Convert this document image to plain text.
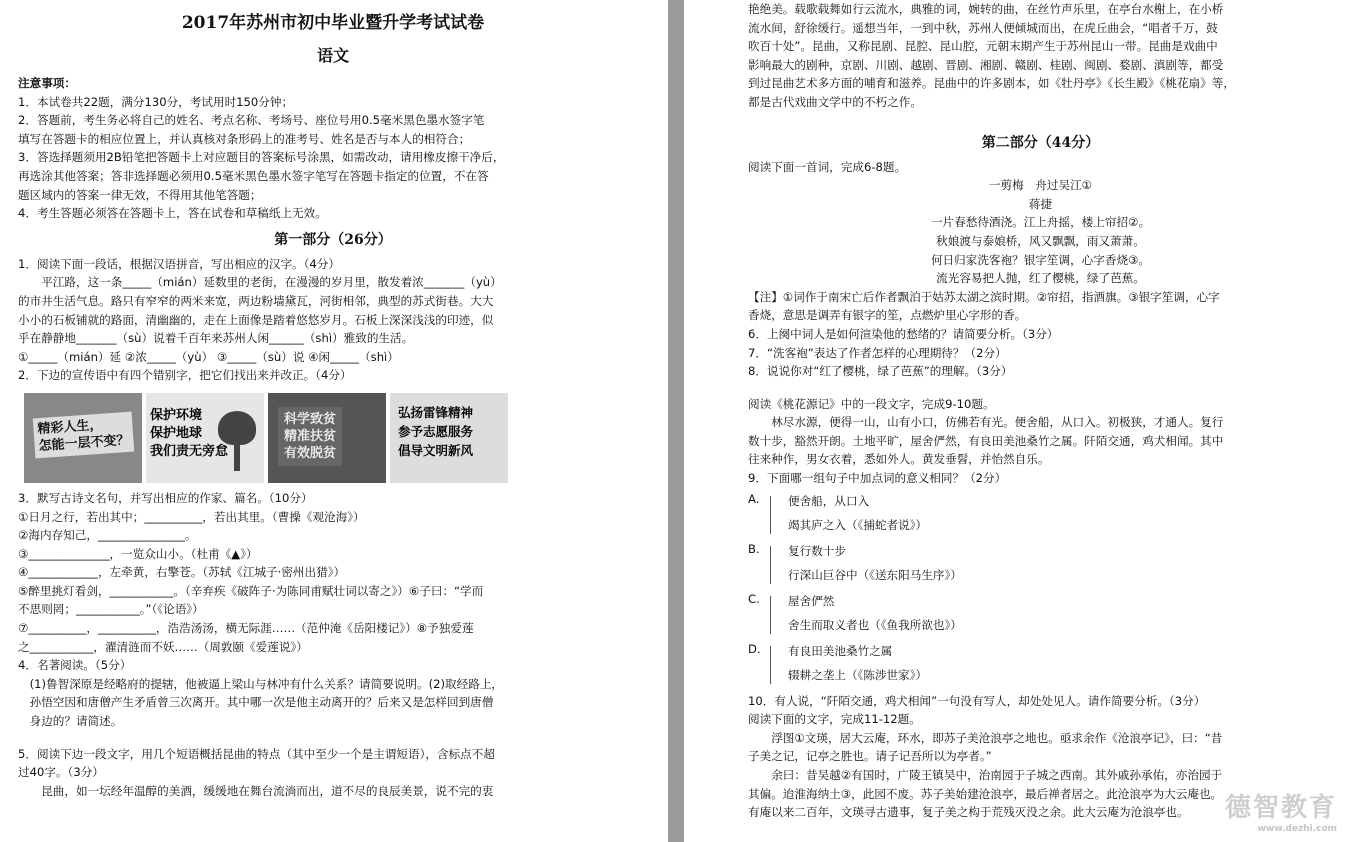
2017年苏州市初中毕业暨升学考试试卷
语文

注意事项：

1．本试卷共22题，满分130分，考试用时150分钟；

2．答题前，考生务必将自己的姓名、考点名称、考场号、座位号用0.5毫米黑色墨水签字笔

填写在答题卡的相应位置上，并认真核对条形码上的准考号、姓名是否与本人的相符合；

3．答选择题须用2B铅笔把答题卡上对应题目的答案标号涂黑，如需改动，请用橡皮擦干净后，

再选涂其他答案；答非选择题必须用0.5毫米黑色墨水签字笔写在答题卡指定的位置，不在答

题区域内的答案一律无效，不得用其他笔答题；

4．考生答题必须答在答题卡上，答在试卷和草稿纸上无效。

第一部分（26分）

1．阅读下面一段话，根据汉语拼音，写出相应的汉字。（4分）

平江路，这一条_____（mián）延数里的老街，在漫漫的岁月里，散发着浓_______（yù）

的市井生活气息。路只有窄窄的两米来宽，两边粉墙黛瓦，河街相邻，典型的苏式街巷。大大

小小的石板铺就的路面，清幽幽的，走在上面像是踏着悠悠岁月。石板上深深浅浅的印迹，似

乎在静静地_______（sù）说着千百年来苏州人闲______（shì）雅致的生活。

①_____（mián）延 ②浓_____（yù） ③_____（sù）说 ④闲_____（shì）

2．下边的宣传语中有四个错别字，把它们找出来并改正。（4分）

精彩人生，
怎能一层不变？
保护环境
保护地球
我们责无旁怠
科学致贫
精准扶贫
有效脱贫
弘扬雷锋精神
参予志愿服务
倡导文明新风

3．默写古诗文名句，并写出相应的作家、篇名。（10分）

①日月之行，若出其中；__________，若出其里。（曹操《观沧海》）

②海内存知己，_______________。

③______________，一览众山小。（杜甫《▲》）

④____________，左牵黄，右擎苍。（苏轼《江城子·密州出猎》）

⑤醉里挑灯看剑，___________。（辛弃疾《破阵子·为陈同甫赋壮词以寄之》）⑥子曰：“学而

不思则罔；___________。”（《论语》）

⑦__________，__________，浩浩汤汤，横无际涯……（范仲淹《岳阳楼记》）⑧予独爱莲

之___________，濯清涟而不妖……（周敦颐《爱莲说》）

4．名著阅读。（5分）

(1)鲁智深原是经略府的提辖，他被逼上梁山与林冲有什么关系？请简要说明。(2)取经路上，

孙悟空因和唐僧产生矛盾曾三次离开。其中哪一次是他主动离开的？后来又是怎样回到唐僧

身边的？请简述。

5．阅读下边一段文字，用几个短语概括昆曲的特点（其中至少一个是主谓短语），含标点不超

过40字。（3分）

昆曲，如一坛经年温醇的美酒，缓缓地在舞台流淌而出，道不尽的良辰美景，说不完的衷

艳绝美。载歌载舞如行云流水，典雅的词，婉转的曲，在丝竹声乐里，在亭台水榭上，在小桥

流水间，舒徐缓行。遥想当年，一到中秋，苏州人便倾城而出，在虎丘曲会，“唱者千万，鼓

吹百十处”。昆曲，又称昆剧、昆腔、昆山腔，元朝末期产生于苏州昆山一带。昆曲是戏曲中

影响最大的剧种，京剧、川剧、越剧、晋剧、湘剧、赣剧、桂剧、闽剧、婺剧、滇剧等，都受

到过昆曲艺术多方面的哺育和滋养。昆曲中的许多剧本，如《牡丹亭》《长生殿》《桃花扇》等，

都是古代戏曲文学中的不朽之作。

第二部分（44分）

阅读下面一首词，完成6-8题。

一剪梅　舟过吴江①

蒋捷

一片春愁待酒浇。江上舟摇，楼上帘招②。

秋娘渡与泰娘桥，风又飘飘，雨又萧萧。

何日归家洗客袍？银字笙调，心字香烧③。

流光容易把人抛，红了樱桃，绿了芭蕉。

【注】①词作于南宋亡后作者飘泊于姑苏太湖之滨时期。②帘招，指酒旗。③银字笙调，心字

香烧，意思是调弄有银字的笙，点燃炉里心字形的香。

6．上阕中词人是如何渲染他的愁绪的？请简要分析。（3分）

7．“洗客袍”表达了作者怎样的心理期待？（2分）

8．说说你对“红了樱桃，绿了芭蕉”的理解。（3分）

阅读《桃花源记》中的一段文字，完成9-10题。

林尽水源，便得一山，山有小口，仿佛若有光。便舍船，从口入。初极狭，才通人。复行

数十步，豁然开朗。土地平旷，屋舍俨然，有良田美池桑竹之属。阡陌交通，鸡犬相闻。其中

往来种作，男女衣着，悉如外人。黄发垂髫，并怡然自乐。

9．下面哪一组句子中加点词的意义相同？（2分）

A. 便舍船，从口入
竭其庐之入（《捕蛇者说》）
B. 复行数十步
行深山巨谷中（《送东阳马生序》）
C. 屋舍俨然
舍生而取义者也（《鱼我所欲也》）
D. 有良田美池桑竹之属
辍耕之垄上（《陈涉世家》）

10．有人说，“阡陌交通，鸡犬相闻”一句没有写人，却处处见人。请作简要分析。（3分）

阅读下面的文字，完成11-12题。

浮图①文瑛，居大云庵，环水，即苏子美沧浪亭之地也。亟求余作《沧浪亭记》，曰：“昔

子美之记，记亭之胜也。请子记吾所以为亭者。”

余曰：昔吴越②有国时，广陵王镇吴中，治南园于子城之西南。其外戚孙承佑，亦治园于

其偏。迨淮海纳土③，此园不废。苏子美始建沧浪亭，最后禅者居之。此沧浪亭为大云庵也。

有庵以来二百年，文瑛寻古遗事，复子美之构于荒残灭没之余。此大云庵为沧浪亭也。	德智教育
www.dezhi.com
